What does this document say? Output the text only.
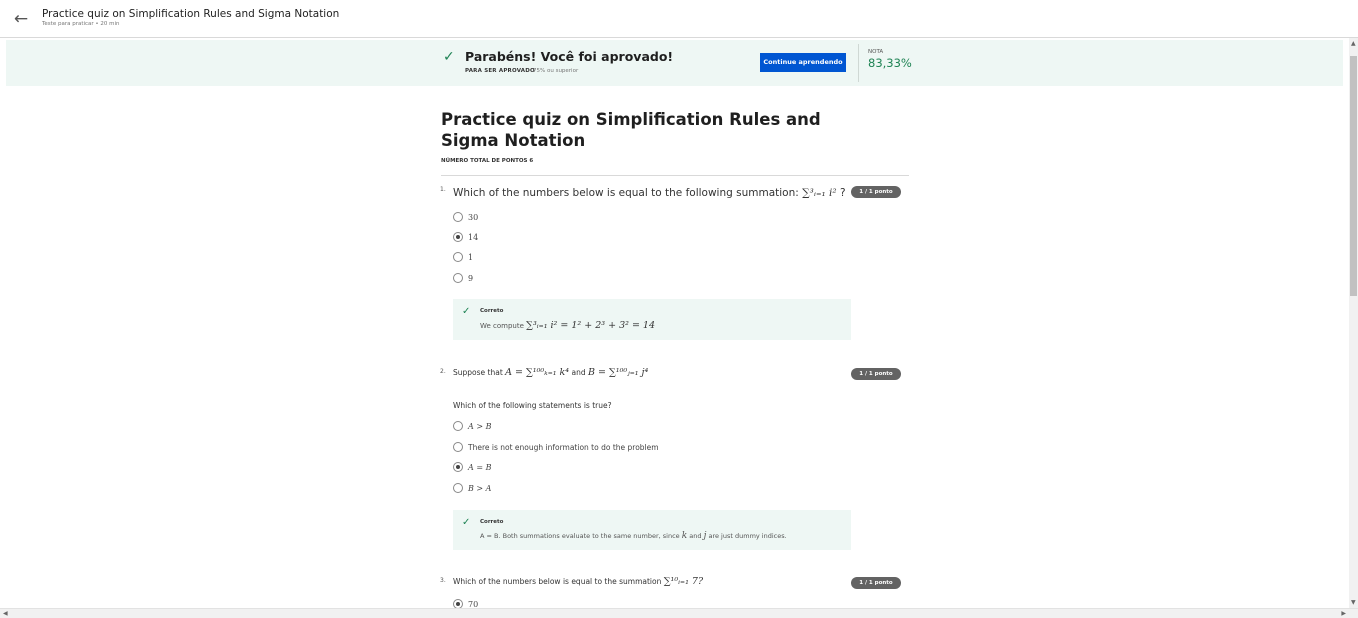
← Practice quiz on Simplification Rules and Sigma Notation
Teste para praticar • 20 min
✓ Parabéns! Você foi aprovado!
PARA SER APROVADO
75% ou superior
Continue aprendendo
NOTA
83,33%
Practice quiz on Simplification Rules and Sigma Notation
NÚMERO TOTAL DE PONTOS 6
1. Which of the numbers below is equal to the following summation: ∑³ᵢ₌₁ i² ?	1 / 1 ponto
30
14
1
9
✓ Correto
We compute ∑³ᵢ₌₁ i² = 1² + 2³ + 3² = 14
2. Suppose that A = ∑¹⁰⁰ₖ₌₁ k⁴ and B = ∑¹⁰⁰ⱼ₌₁ j⁴	1 / 1 ponto
Which of the following statements is true?
A > B
There is not enough information to do the problem
A = B
B > A
✓ Correto
A = B. Both summations evaluate to the same number, since k and j are just dummy indices.
3. Which of the numbers below is equal to the summation ∑¹⁰ᵢ₌₁ 7?	1 / 1 ponto
70
▲
▼
◀	▶
